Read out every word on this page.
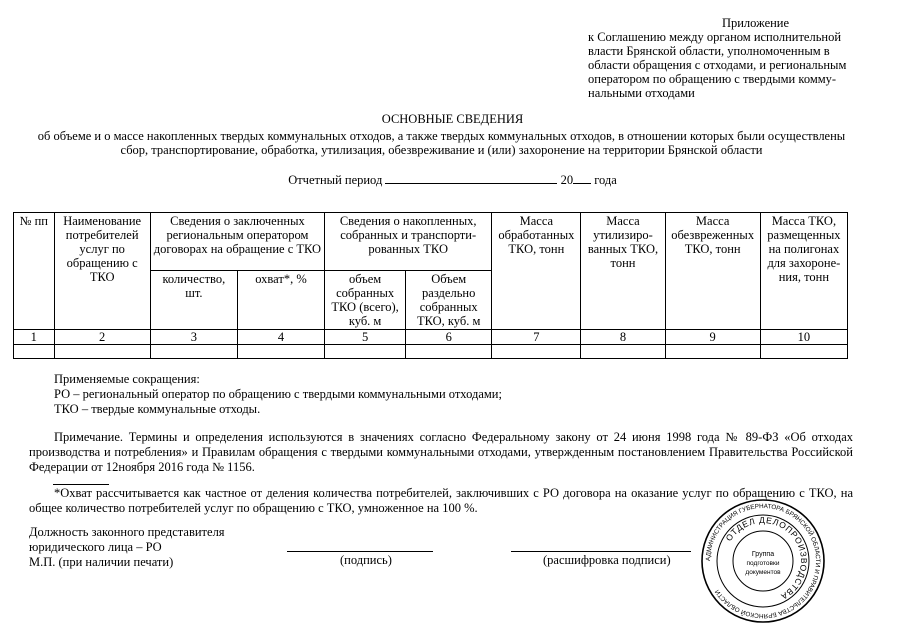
Приложение

к Соглашению между органом исполнительной

власти Брянской области, уполномоченным в

области обращения с отходами, и региональным

оператором по обращению с твердыми комму-

нальными отходами

ОСНОВНЫЕ СВЕДЕНИЯ
об объеме и о массе накопленных твердых коммунальных отходов, а также твердых коммунальных отходов, в отношении которых были осуществлены
сбор, транспортирование, обработка, утилизация, обезвреживание и (или) захоронение на территории Брянской области
Отчетный период	20 года
№ пп	Наименование потребителей услуг по обращению с ТКО	Сведения о заключенных региональным оператором договорах на обращение с ТКО		Сведения о накопленных, собранных и транспорти- рованных ТКО		Масса обработанных ТКО, тонн	Масса утилизиро- ванных ТКО, тонн	Масса обезвреженных ТКО, тонн	Масса ТКО, размещенных на полигонах для захороне- ния, тонн
		количество, шт.	охват*, %	объем собранных ТКО (всего), куб. м	Объем раздельно собранных ТКО, куб. м				
1	2	3	4	5	6	7	8	9	10

Применяемые сокращения:

РО – региональный оператор по обращению с твердыми коммунальными отходами;

ТКО – твердые коммунальные отходы.

Примечание. Термины и определения используются в значениях согласно Федеральному закону от 24 июня 1998 года № 89-ФЗ «Об отходах производства и потребления» и Правилам обращения с твердыми коммунальными отходами, утвержденным постановлением Правительства Российской Федерации от 12ноября 2016 года № 1156.
*Охват рассчитывается как частное от деления количества потребителей, заключивших с РО договора на оказание услуг по обращению с ТКО, на общее количество потребителей услуг по обращению с ТКО, умноженное на 100 %.
Должность законного представителя
юридического лица – РО
М.П. (при наличии печати)	(подпись)	(расшифровка подписи)	АДМИНИСТРАЦИЯ ГУБЕРНАТОРА БРЯНСКОЙ ОБЛАСТИ И ПРАВИТЕЛЬСТВА БРЯНСКОЙ ОБЛАСТИ
ОТДЕЛ ДЕЛОПРОИЗВОДСТВА
Группа
подготовки
документов
